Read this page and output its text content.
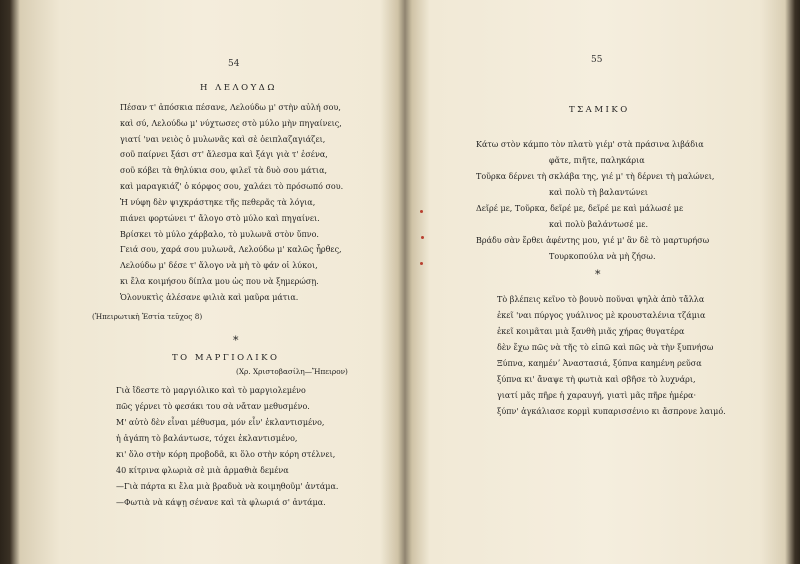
54
Η ΛΕΛΟΥΔΩ
Πέσαν τ' ἀπόσκια πέσανε, Λελούδω μ' στὴν αὐλή σου,
καὶ σύ, Λελούδω μ' νύχτωσες στὸ μύλο μὴν πηγαίνεις,
γιατί 'ναι νειὸς ὁ μυλωνᾶς καὶ σὲ ὀειπλαζαγιάζει,
σοῦ παίρνει ξάσι στ' ἄλεσμα καὶ ξάγι γιὰ τ' ἐσένα,
σοῦ κόβει τὰ θηλύκια σου, φιλεῖ τὰ δυὸ σου μάτια,
καὶ μαραγκιάζ' ὁ κόρφος σου, χαλάει τὸ πρόσωπό σου.
Ἡ νύφη δὲν ψιχκράστηκε τῆς πεθερᾶς τὰ λόγια,
πιάνει φορτώνει τ' ἄλογο στὸ μύλο καὶ πηγαίνει.
Βρίσκει τὸ μύλο χάρβαλο, τὸ μυλωνᾶ στὸν ὕπνο.
Γειά σου, χαρά σου μυλωνᾶ, Λελούδω μ' καλῶς ἦρθες,
Λελούδω μ' δέσε τ' ἄλογο νὰ μὴ τὸ φάν οἱ λύκοι,
κι ἔλα κοιμήσου δίπλα μου ὡς που νὰ ξημερώσῃ.
Ὁλονυκτὶς ἀλέσανε φιλιὰ καὶ μαῦρα μάτια.
(Ἠπειρωτικὴ Ἑστία τεῦχος 8)
*
ΤΟ ΜΑΡΓΙΟΛΙΚΟ
(Χρ. Χριστοβασίλη—Ἤπειρον)
Γιὰ ἴδεστε τὸ μαργιόλικο καὶ τὸ μαργιολεμένο
πῶς γέρνει τὸ φεσάκι του σὰ νἄταν μεθυσμένο.
Μ' αὐτὸ δὲν εἶναι μέθυσμα, μόν εἶν' ἐκλαντισμένο,
ἡ ἀγάπη τὸ βαλάντωσε, τόχει ἐκλαντισμένο,
κι' ὅλο στὴν κόρη προβοδᾶ, κι ὅλο στὴν κόρη στέλνει,
40 κίτρινα φλωριὰ σὲ μιὰ ἀρμαθιὰ δεμένα
—Γιὰ πάρτα κι ἔλα μιὰ βραδυὰ νὰ κοιμηθοῦμ' ἀντάμα.
—Φωτιὰ νὰ κάψῃ σένανε καὶ τὰ φλωριά σ' ἀντάμα.
55
ΤΣΑΜΙΚΟ
Κάτω στὸν κάμπο τὸν πλατὺ γιέμ' στὰ πράσινα λιβάδια
φᾶτε, πιῆτε, παληκάρια
Τοῦρκα δέρνει τὴ σκλάβα της, γιέ μ' τὴ δέρνει τὴ μαλώνει,
καὶ πολὺ τὴ βαλαντώνει
Δεῖρέ με, Τοῦρκα, δεῖρέ με, δεῖρέ με καὶ μάλωσέ με
καὶ πολὺ βαλάντωσέ με.
Βράδυ σὰν ἔρθει ἀφέντης μου, γιέ μ' ἂν δὲ τὸ μαρτυρήσω
Τουρκοπούλα νὰ μὴ ζήσω.
*
Τὸ βλέπεις κεῖνο τὸ βουνὸ ποῦναι ψηλὰ ἀπὸ τἄλλα
ἐκεῖ 'ναι πύργος γυάλινος μὲ κρουσταλένια τζάμια
ἐκεῖ κοιμᾶται μιὰ ξανθὴ μιᾶς χήρας θυγατέρα
δὲν ἔχω πῶς νὰ τῆς τὸ εἰπῶ καὶ πῶς νὰ τὴν ξυπνήσω
Ξύπνα, καημένʼ Ἀναστασιά, ξύπνα καημένη ρεῦσα
ξύπνα κι' ἄναψε τὴ φωτιὰ καὶ σβῆσε τὸ λυχνάρι,
γιατί μᾶς πῆρε ἡ χαραυγή, γιατὶ μᾶς πῆρε ἡμέρα·
ξύπν' ἀγκάλιασε κορμὶ κυπαρισσένιο κι ἄσπρονε λαιμό.
